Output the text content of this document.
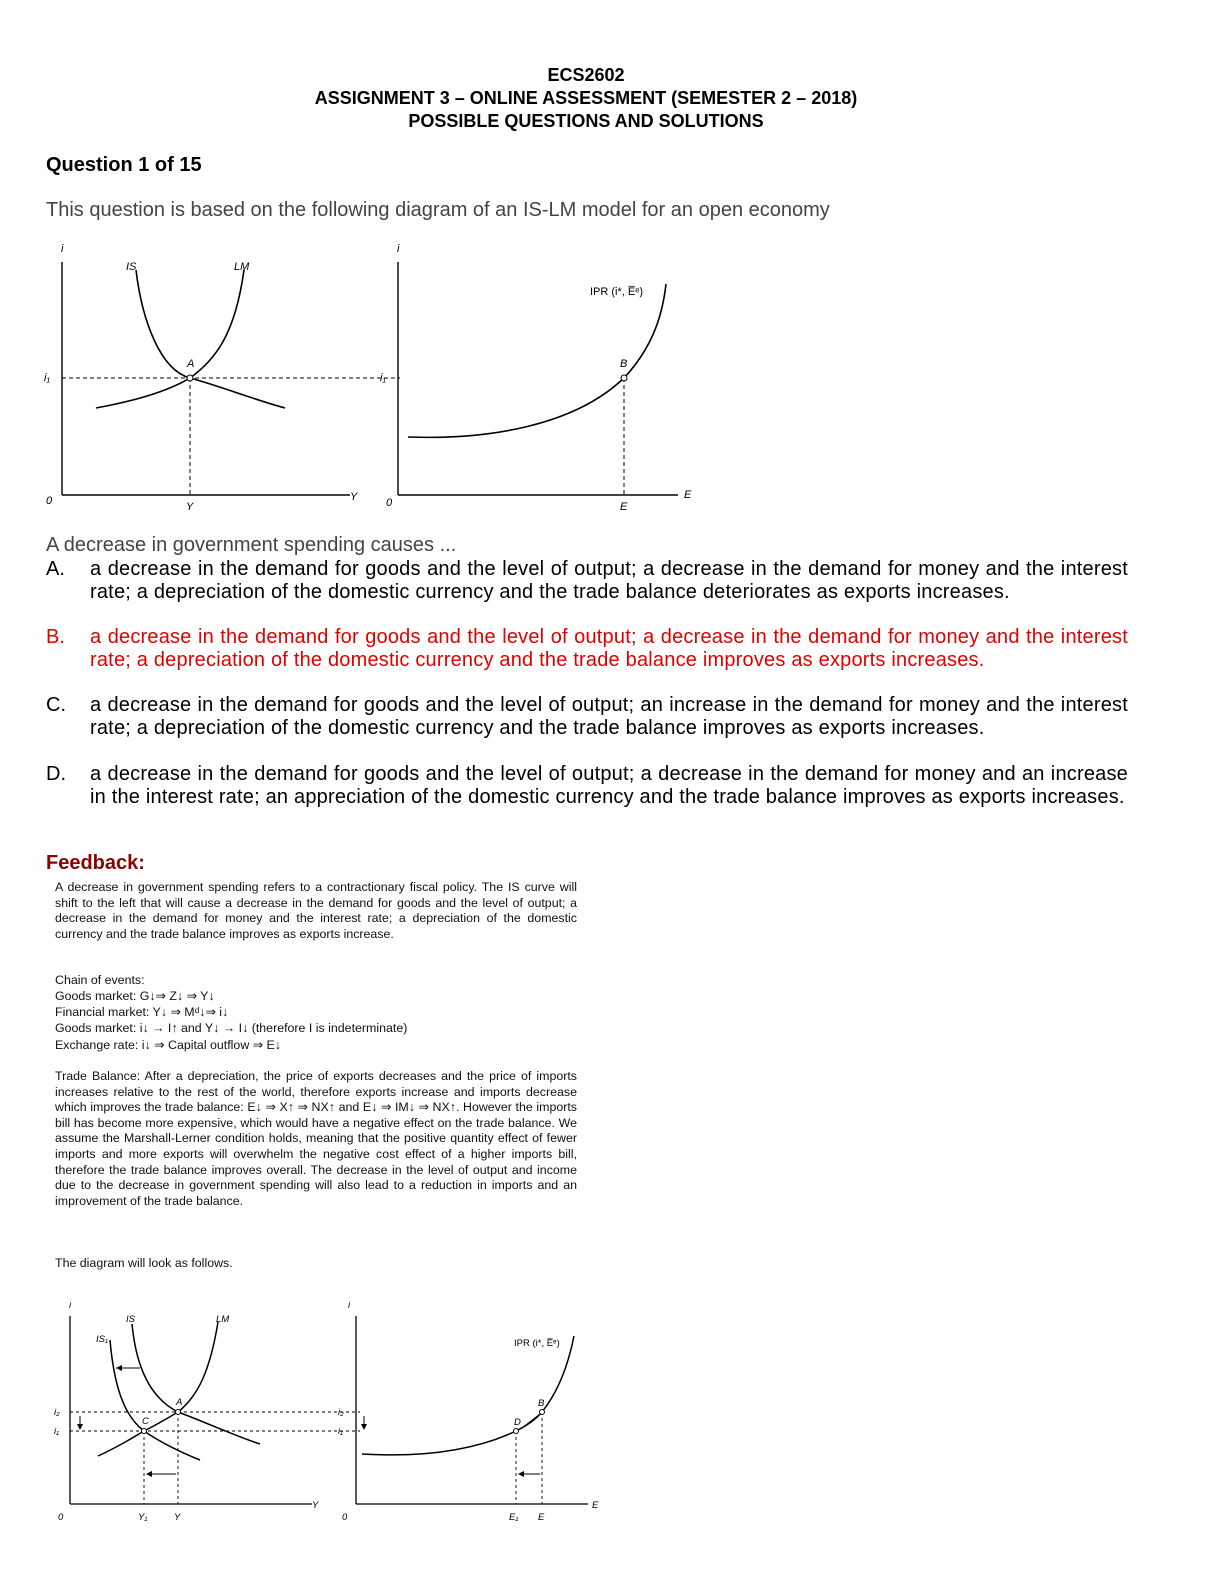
ECS2602
ASSIGNMENT 3 – ONLINE ASSESSMENT (SEMESTER 2 – 2018)
POSSIBLE QUESTIONS AND SOLUTIONS
Question 1 of 15
This question is based on the following diagram of an IS-LM model for an open economy
i
Y
0
IS	LM
A
i₁
Y
i
E
0
i₁
IPR (i*, E̅ᵉ)
B
E
A decrease in government spending causes ...
A. a decrease in the demand for goods and the level of output; a decrease in the demand for money and the interest rate; a depreciation of the domestic currency and the trade balance deteriorates as exports increases.
B. a decrease in the demand for goods and the level of output; a decrease in the demand for money and the interest rate; a depreciation of the domestic currency and the trade balance improves as exports increases.
C. a decrease in the demand for goods and the level of output; an increase in the demand for money and the interest rate; a depreciation of the domestic currency and the trade balance improves as exports increases.
D. a decrease in the demand for goods and the level of output; a decrease in the demand for money and an increase in the interest rate; an appreciation of the domestic currency and the trade balance improves as exports increases.
Feedback:
A decrease in government spending refers to a contractionary fiscal policy. The IS curve will shift to the left that will cause a decrease in the demand for goods and the level of output; a decrease in the demand for money and the interest rate; a depreciation of the domestic currency and the trade balance improves as exports increase.
Chain of events:
Goods market: G↓⇒ Z↓ ⇒ Y↓
Financial market: Y↓ ⇒ Mᵈ↓⇒ i↓
Goods market: i↓ → I↑ and Y↓ → I↓ (therefore I is indeterminate)
Exchange rate: i↓ ⇒ Capital outflow ⇒ E↓
Trade Balance: After a depreciation, the price of exports decreases and the price of imports increases relative to the rest of the world, therefore exports increase and imports decrease which improves the trade balance: E↓ ⇒ X↑ ⇒ NX↑ and E↓ ⇒ IM↓ ⇒ NX↑. However the imports bill has become more expensive, which would have a negative effect on the trade balance. We assume the Marshall-Lerner condition holds, meaning that the positive quantity effect of fewer imports and more exports will overwhelm the negative cost effect of a higher imports bill, therefore the trade balance improves overall. The decrease in the level of output and income due to the decrease in government spending will also lead to a reduction in imports and an improvement of the trade balance.
The diagram will look as follows.
i
Y
0
IS
IS₁
LM
A
C
i₂
i₁
Y₁	Y
i
E
0
i₂
i₁
IPR (i*, E̅ᵉ)
B
D
E₁ E
